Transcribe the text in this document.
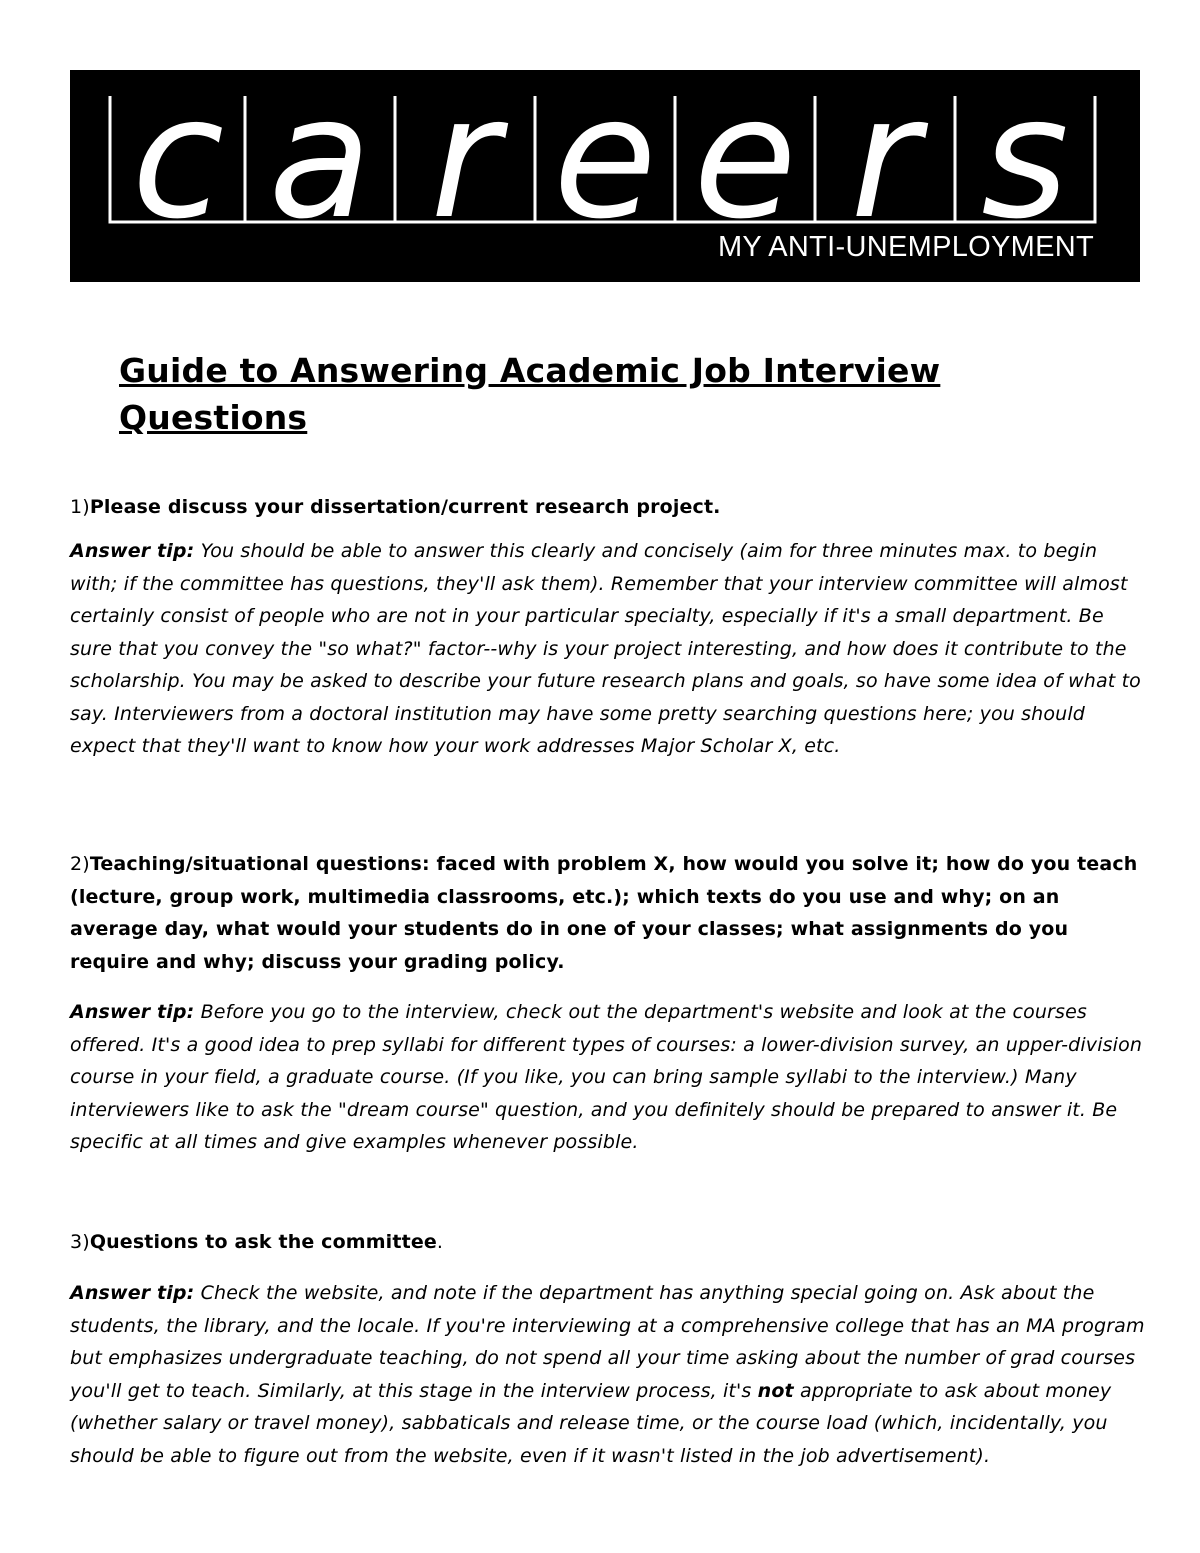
c a r e e r s
MY ANTI-UNEMPLOYMENT
Guide to Answering Academic Job Interview Questions
1)Please discuss your dissertation/current research project.
Answer tip: You should be able to answer this clearly and concisely (aim for three minutes max. to begin with; if the committee has questions, they'll ask them). Remember that your interview committee will almost certainly consist of people who are not in your particular specialty, especially if it's a small department. Be sure that you convey the "so what?" factor--why is your project interesting, and how does it contribute to the scholarship. You may be asked to describe your future research plans and goals, so have some idea of what to say. Interviewers from a doctoral institution may have some pretty searching questions here; you should expect that they'll want to know how your work addresses Major Scholar X, etc.
2)Teaching/situational questions: faced with problem X, how would you solve it; how do you teach (lecture, group work, multimedia classrooms, etc.); which texts do you use and why; on an average day, what would your students do in one of your classes; what assignments do you require and why; discuss your grading policy.
Answer tip: Before you go to the interview, check out the department's website and look at the courses offered. It's a good idea to prep syllabi for different types of courses: a lower-division survey, an upper-division course in your field, a graduate course. (If you like, you can bring sample syllabi to the interview.) Many interviewers like to ask the "dream course" question, and you definitely should be prepared to answer it. Be specific at all times and give examples whenever possible.
3)Questions to ask the committee.
Answer tip: Check the website, and note if the department has anything special going on. Ask about the students, the library, and the locale. If you're interviewing at a comprehensive college that has an MA program but emphasizes undergraduate teaching, do not spend all your time asking about the number of grad courses you'll get to teach. Similarly, at this stage in the interview process, it's not appropriate to ask about money (whether salary or travel money), sabbaticals and release time, or the course load (which, incidentally, you should be able to figure out from the website, even if it wasn't listed in the job advertisement).
